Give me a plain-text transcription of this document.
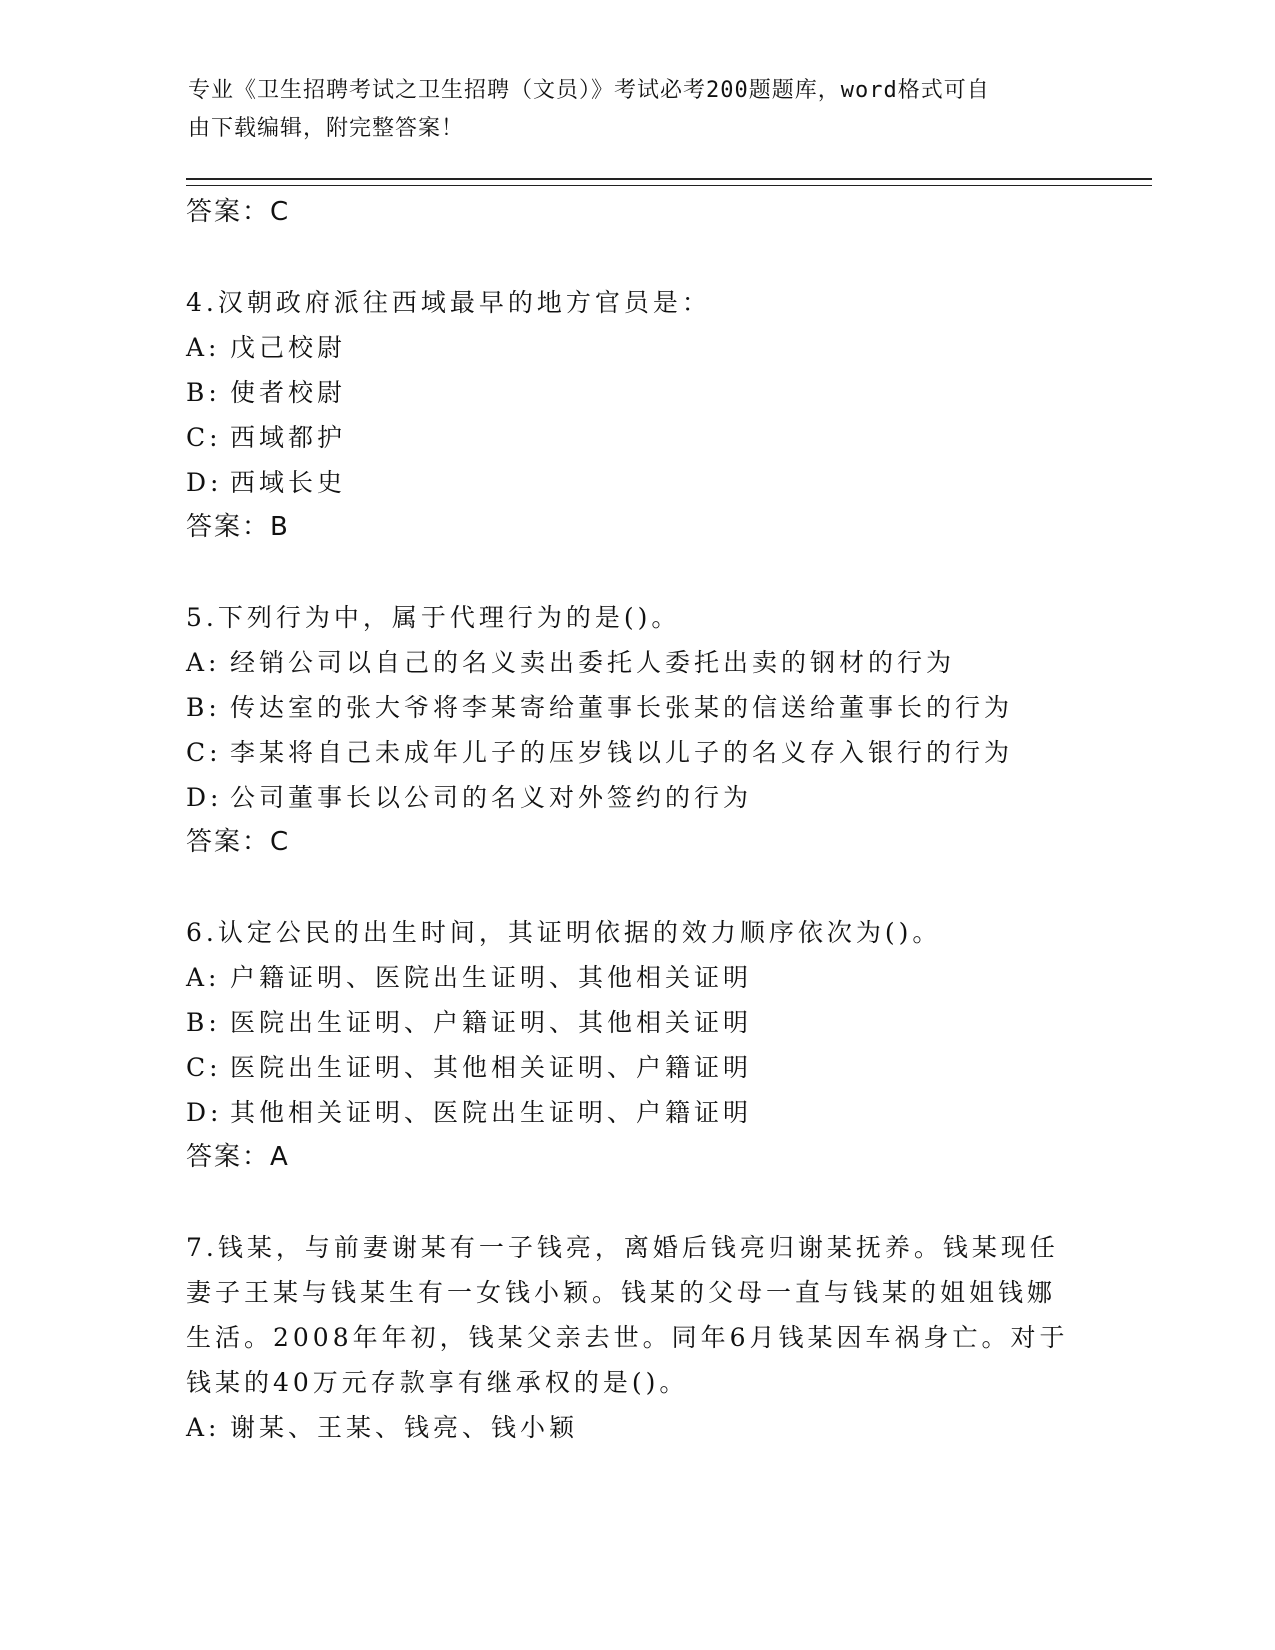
专业《卫生招聘考试之卫生招聘（文员）》考试必考200题题库，word格式可自
由下载编辑，附完整答案！
答案：C
4.汉朝政府派往西域最早的地方官员是：
A: 戊己校尉
B: 使者校尉
C: 西域都护
D: 西域长史
答案：B
5.下列行为中，属于代理行为的是()。
A: 经销公司以自己的名义卖出委托人委托出卖的钢材的行为
B: 传达室的张大爷将李某寄给董事长张某的信送给董事长的行为
C: 李某将自己未成年儿子的压岁钱以儿子的名义存入银行的行为
D: 公司董事长以公司的名义对外签约的行为
答案：C
6.认定公民的出生时间，其证明依据的效力顺序依次为()。
A: 户籍证明、医院出生证明、其他相关证明
B: 医院出生证明、户籍证明、其他相关证明
C: 医院出生证明、其他相关证明、户籍证明
D: 其他相关证明、医院出生证明、户籍证明
答案：A
7.钱某，与前妻谢某有一子钱亮，离婚后钱亮归谢某抚养。钱某现任
妻子王某与钱某生有一女钱小颖。钱某的父母一直与钱某的姐姐钱娜
生活。2008年年初，钱某父亲去世。同年6月钱某因车祸身亡。对于
钱某的40万元存款享有继承权的是()。
A: 谢某、王某、钱亮、钱小颖
